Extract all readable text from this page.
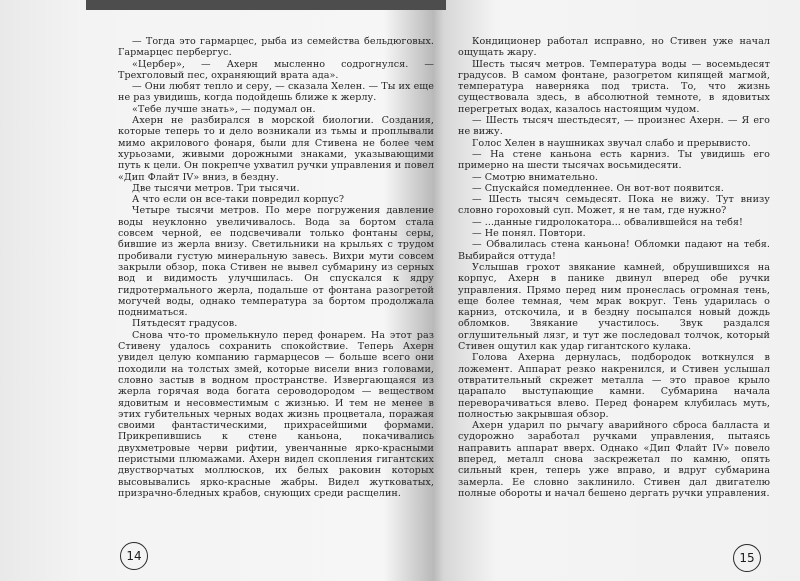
— Тогда это гармарцес, рыба из семейства бельдюговых. Гармарцес пербергус.

«Цербер», — Ахерн мысленно содрогнулся. — Трехголовый пес, охраняющий врата ада».

— Они любят тепло и серу, — сказала Хелен. — Ты их еще не раз увидишь, когда подойдешь ближе к жерлу.

«Тебе лучше знать», — подумал он.

Ахерн не разбирался в морской биологии. Создания, которые теперь то и дело возникали из тьмы и проплывали мимо акрилового фонаря, были для Стивена не более чем хурьозами, живыми дорожными знаками, указывающими путь к цели. Он покрепче ухватил ручки управления и повел «Дип Флайт IV» вниз, в бездну.

Две тысячи метров. Три тысячи.

А что если он все-таки повредил корпус?

Четыре тысячи метров. По мере погружения давление воды неуклонно увеличивалось. Вода за бортом стала совсем черной, ее подсвечивали только фонтаны серы, бившие из жерла внизу. Светильники на крыльях с трудом пробивали густую минеральную завесь. Вихри мути совсем закрыли обзор, пока Стивен не вывел субмарину из серных вод и видимость улучшилась. Он спускался к ядру гидротермального жерла, подальше от фонтана разогретой могучей воды, однако температура за бортом продолжала подниматься.

Пятьдесят градусов.

Снова что-то промелькнуло перед фонарем. На этот раз Стивену удалось сохранить спокойствие. Теперь Ахерн увидел целую компанию гармарцесов — больше всего они походили на толстых змей, которые висели вниз головами, словно застыв в водном пространстве. Извергающаяся из жерла горячая вода богата сероводородом — веществом ядовитым и несовместимым с жизнью. И тем не менее в этих губительных черных водах жизнь процветала, поражая своими фантастическими, прихрасейшими формами. Прикрепившись к стене каньона, покачивались двухметровые черви рифтии, увенчанные ярко-красными перистыми плюмажами. Ахерн видел скопления гигантских двустворчатых моллюсков, их белых раковин которых высовывались ярко-красные жабры. Видел жутковатых, призрачно-бледных крабов, снующих среди расщелин.

14

Кондиционер работал исправно, но Стивен уже начал ощущать жару.

Шесть тысяч метров. Температура воды — восемьдесят градусов. В самом фонтане, разогретом кипящей магмой, температура наверняка под триста. То, что жизнь существовала здесь, в абсолютной темноте, в ядовитых перегретых водах, казалось настоящим чудом.

— Шесть тысяч шестьдесят, — произнес Ахерн. — Я его не вижу.

Голос Хелен в наушниках звучал слабо и прерывисто.

— На стене каньона есть карниз. Ты увидишь его примерно на шести тысячах восьмидесяти.

— Смотрю внимательно.

— Спускайся помедленнее. Он вот-вот появится.

— Шесть тысяч семьдесят. Пока не вижу. Тут внизу словно гороховый суп. Может, я не там, где нужно?

— ...данные гидролокатора... обвалившейся на тебя!

— Не понял. Повтори.

— Обвалилась стена каньона! Обломки падают на тебя. Выбирайся оттуда!

Услышав грохот звякание камней, обрушившихся на корпус, Ахерн в панике двинул вперед обе ручки управления. Прямо перед ним пронеслась огромная тень, еще более темная, чем мрак вокруг. Тень ударилась о карниз, отскочила, и в бездну посыпался новый дождь обломков. Звякание участилось. Звук раздался оглушительный лязг, и тут же последовал толчок, который Стивен ощутил как удар гигантского кулака.

Голова Ахерна дернулась, подбородок воткнулся в ложемент. Аппарат резко накренился, и Стивен услышал отвратительный скрежет металла — это правое крыло царапало выступающие камни. Субмарина начала переворачиваться влево. Перед фонарем клубилась муть, полностью закрывшая обзор.

Ахерн ударил по рычагу аварийного сброса балласта и судорожно заработал ручками управления, пытаясь направить аппарат вверх. Однако «Дип Флайт IV» повело вперед, металл снова заскрежетал по камню, опять сильный крен, теперь уже вправо, и вдруг субмарина замерла. Ее словно заклинило. Стивен дал двигателю полные обороты и начал бешено дергать ручки управления.

15
